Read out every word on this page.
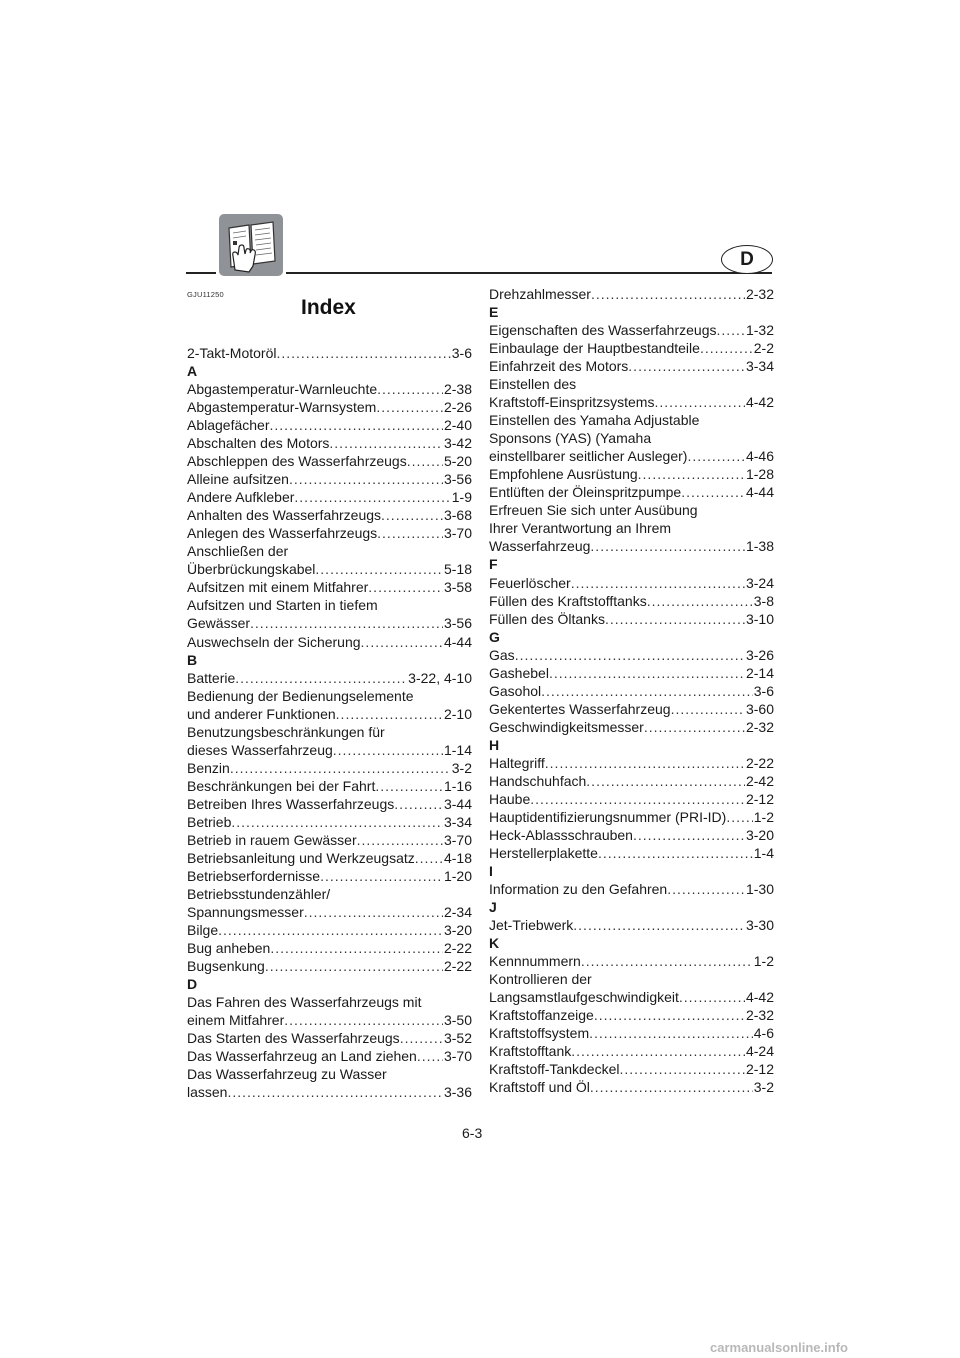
D
GJU11250
Index
2-Takt-Motoröl .....	3-6
A
Abgastemperatur-Warnleuchte .....	2-38
Abgastemperatur-Warnsystem .....	2-26
Ablagefächer .....	2-40
Abschalten des Motors .....	3-42
Abschleppen des Wasserfahrzeugs .....	5-20
Alleine aufsitzen .....	3-56
Andere Aufkleber .....	1-9
Anhalten des Wasserfahrzeugs .....	3-68
Anlegen des Wasserfahrzeugs .....	3-70
Anschließen der
Überbrückungskabel .....	5-18
Aufsitzen mit einem Mitfahrer .....	3-58
Aufsitzen und Starten in tiefem
Gewässer .....	3-56
Auswechseln der Sicherung .....	4-44
B
Batterie .....	3-22, 4-10
Bedienung der Bedienungselemente
und anderer Funktionen .....	2-10
Benutzungsbeschränkungen für
dieses Wasserfahrzeug .....	1-14
Benzin .....	3-2
Beschränkungen bei der Fahrt .....	1-16
Betreiben Ihres Wasserfahrzeugs .....	3-44
Betrieb .....	3-34
Betrieb in rauem Gewässer .....	3-70
Betriebsanleitung und Werkzeugsatz ..... 4-18
Betriebserfordernisse .....	1-20
Betriebsstundenzähler/
Spannungsmesser .....	2-34
Bilge .....	3-20
Bug anheben .....	2-22
Bugsenkung .....	2-22
D
Das Fahren des Wasserfahrzeugs mit
einem Mitfahrer .....	3-50
Das Starten des Wasserfahrzeugs .....	3-52
Das Wasserfahrzeug an Land ziehen ..... 3-70
Das Wasserfahrzeug zu Wasser
lassen .....	3-36
Drehzahlmesser .....	2-32
E
Eigenschaften des Wasserfahrzeugs ..... 1-32
Einbaulage der Hauptbestandteile .....	2-2
Einfahrzeit des Motors .....	3-34
Einstellen des
Kraftstoff-Einspritzsystems .....	4-42
Einstellen des Yamaha Adjustable
Sponsons (YAS) (Yamaha
einstellbarer seitlicher Ausleger) .....	4-46
Empfohlene Ausrüstung .....	1-28
Entlüften der Öleinspritzpumpe .....	4-44
Erfreuen Sie sich unter Ausübung
Ihrer Verantwortung an Ihrem
Wasserfahrzeug .....	1-38
F
Feuerlöscher .....	3-24
Füllen des Kraftstofftanks .....	3-8
Füllen des Öltanks .....	3-10
G
Gas .....	3-26
Gashebel .....	2-14
Gasohol .....	3-6
Gekentertes Wasserfahrzeug .....	3-60
Geschwindigkeitsmesser .....	2-32
H
Haltegriff .....	2-22
Handschuhfach .....	2-42
Haube .....	2-12
Hauptidentifizierungsnummer (PRI-ID) ..... 1-2
Heck-Ablassschrauben .....	3-20
Herstellerplakette .....	1-4
I
Information zu den Gefahren .....	1-30
J
Jet-Triebwerk .....	3-30
K
Kennnummern .....	1-2
Kontrollieren der
Langsamstlaufgeschwindigkeit .....	4-42
Kraftstoffanzeige .....	2-32
Kraftstoffsystem .....	4-6
Kraftstofftank .....	4-24
Kraftstoff-Tankdeckel .....	2-12
Kraftstoff und Öl .....	3-2
6-3
carmanualsonline.info
